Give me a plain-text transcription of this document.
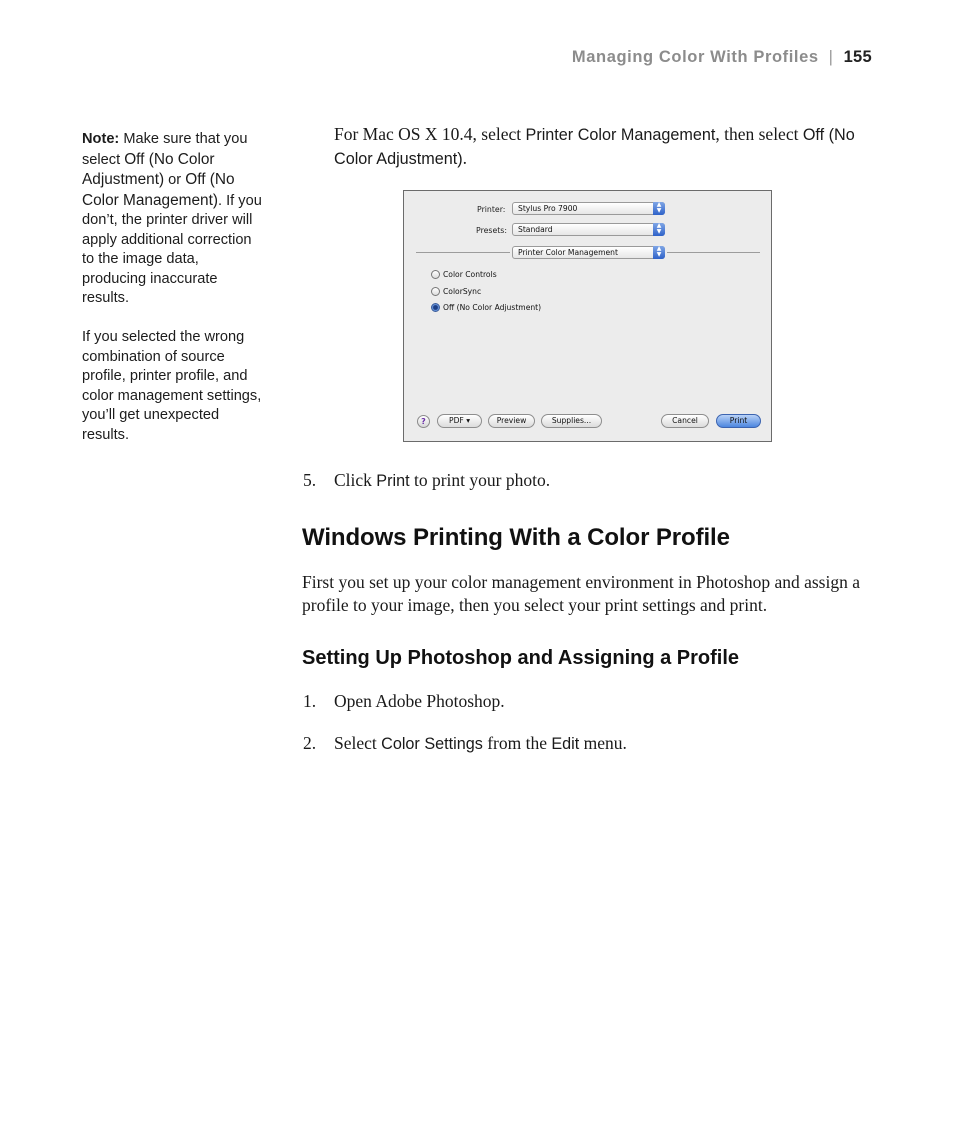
Managing Color With Profiles | 155

Note: Make sure that you select Off (No Color Adjustment) or Off (No Color Management). If you don’t, the printer driver will apply additional correction to the image data, producing inaccurate results.

If you selected the wrong combination of source profile, printer profile, and color management settings, you’ll get unexpected results.

For Mac OS X 10.4, select Printer Color Management, then select Off (No Color Adjustment).
Printer:	Stylus Pro 7900	▲
▼
Presets:	Standard	▲
▼
Printer Color Management	▲
▼
Color Controls
ColorSync
Off (No Color Adjustment)
?	PDF ▾	Preview	Supplies...	Cancel	Print
5. Click Print to print your photo.
Windows Printing With a Color Profile
First you set up your color management environment in Photoshop and assign a profile to your image, then you select your print settings and print.
Setting Up Photoshop and Assigning a Profile
1. Open Adobe Photoshop.
2. Select Color Settings from the Edit menu.
